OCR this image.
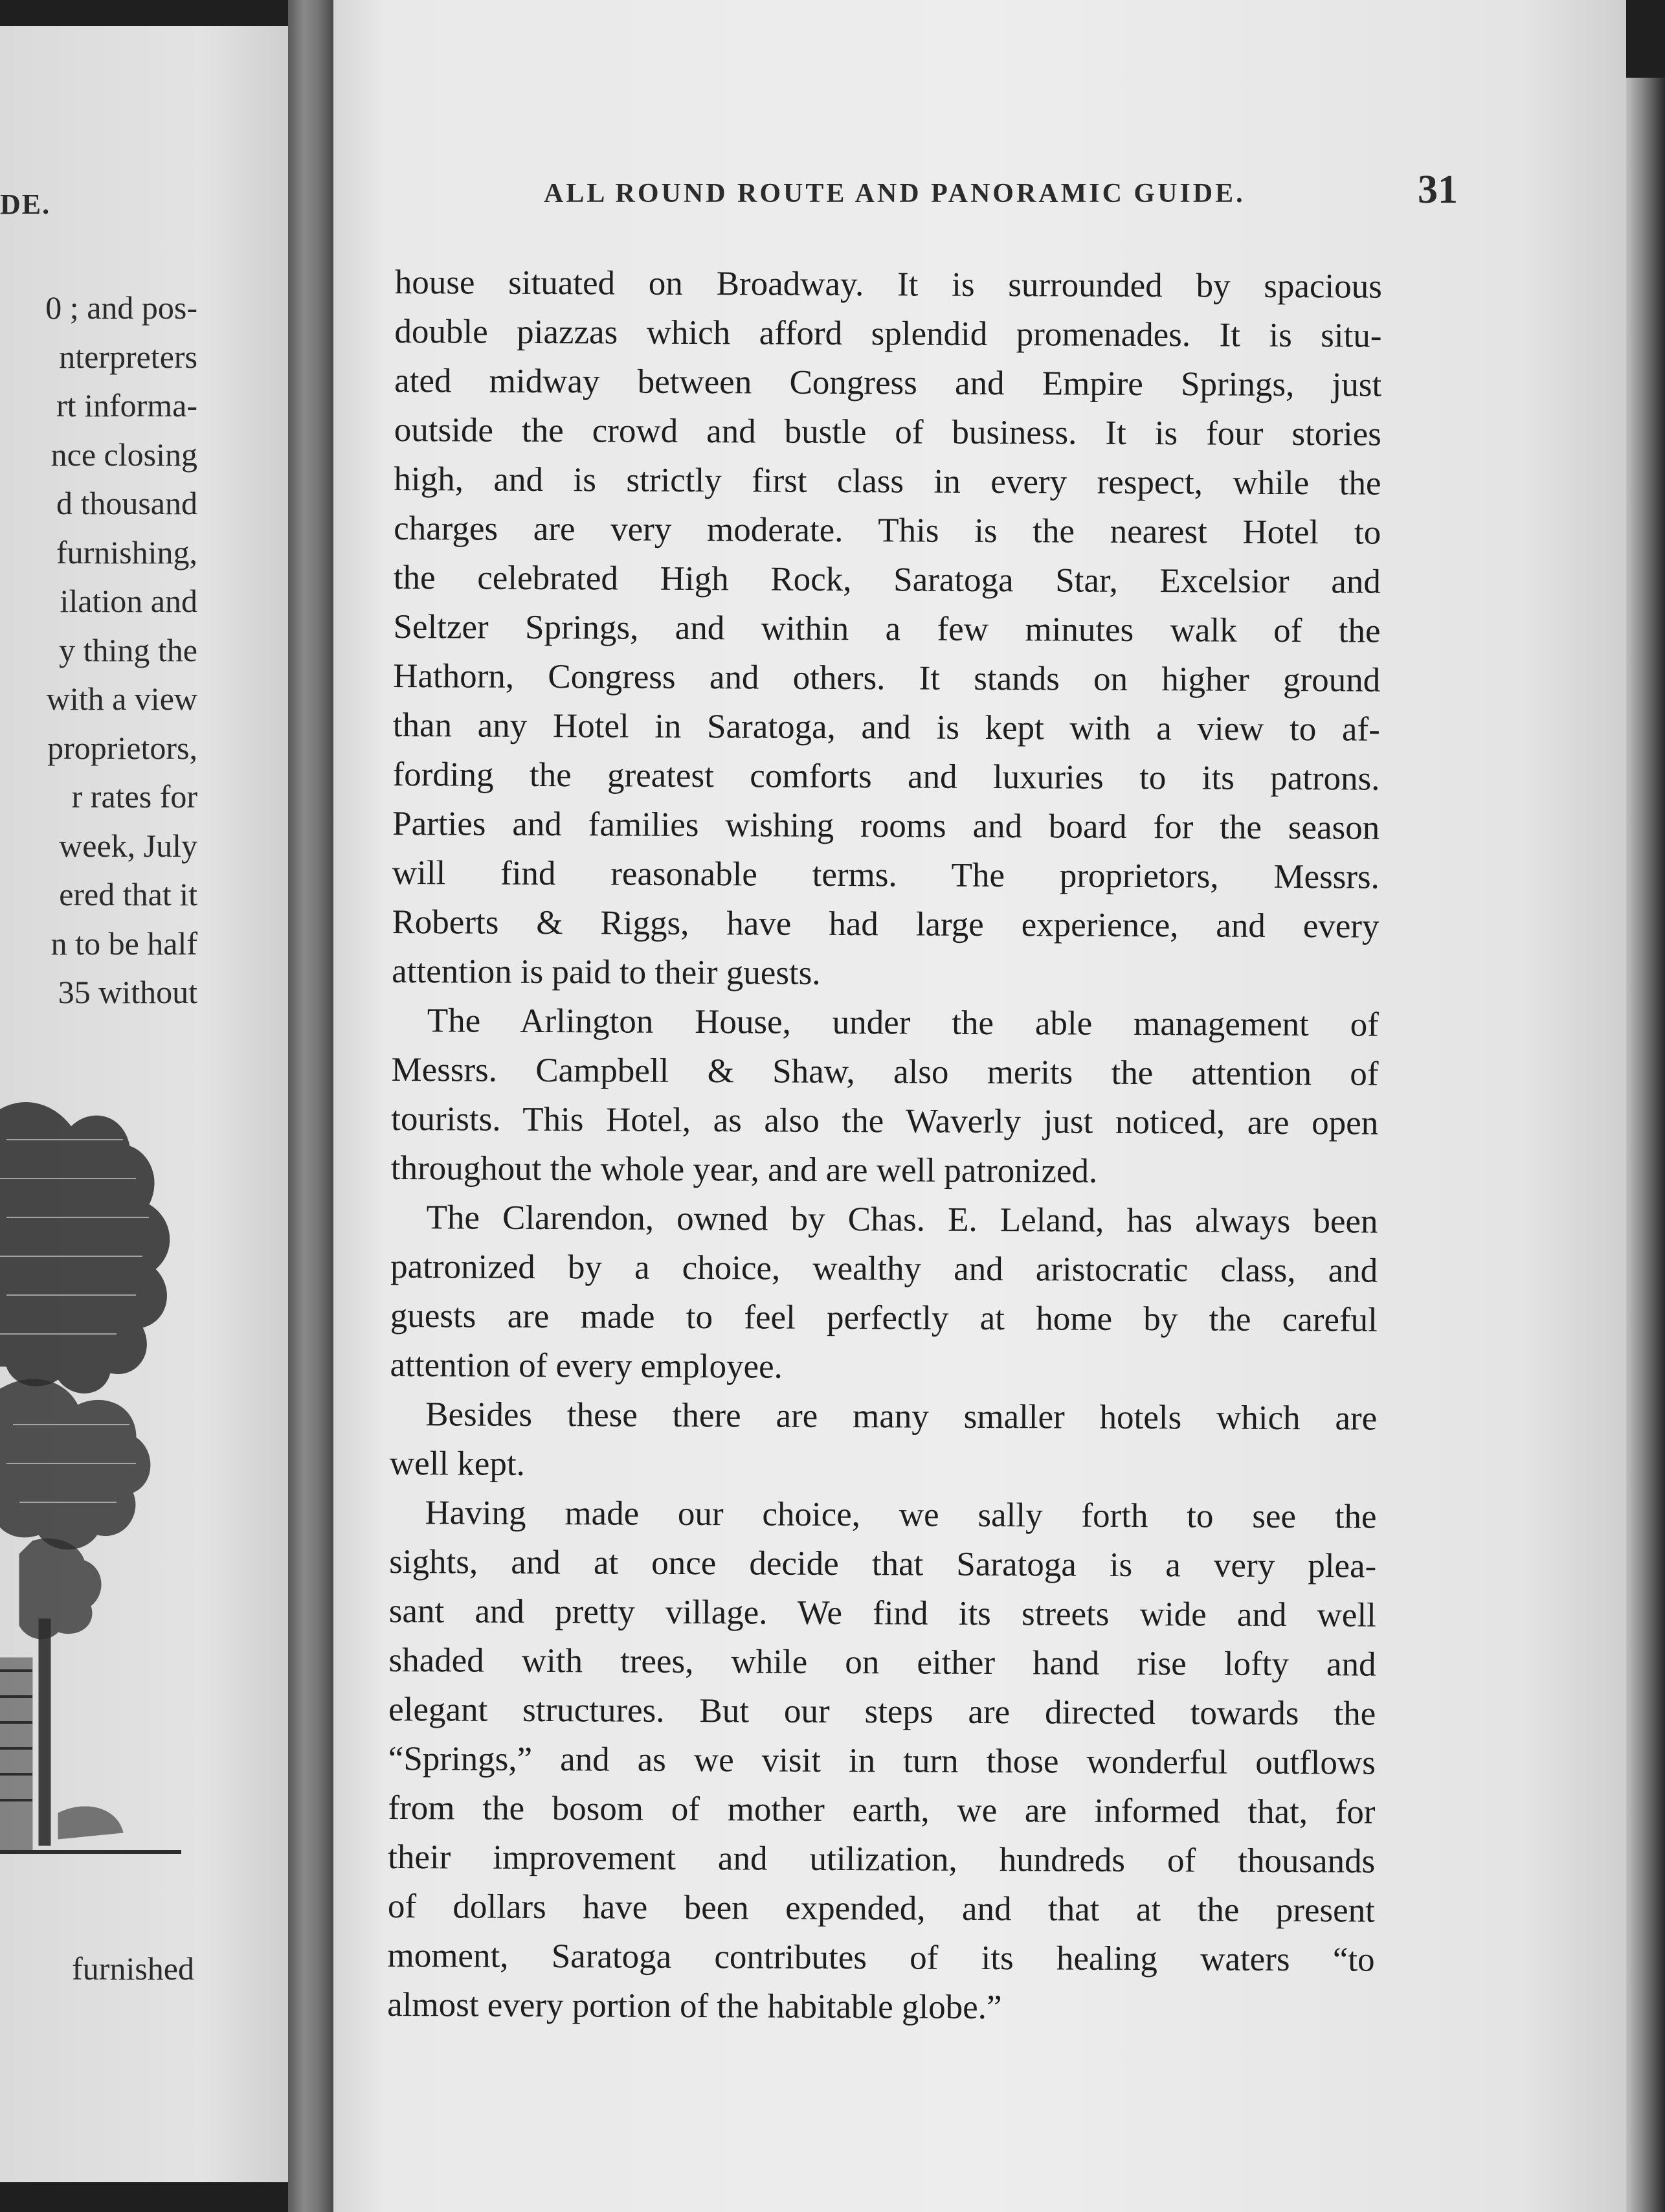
DE.
0 ; and pos-
nterpreters
rt informa-
nce closing
d thousand
furnishing,
ilation and
y thing the
with a view
proprietors,
r rates for
week, July
ered that it
n to be half
35 without
furnished
ALL ROUND ROUTE AND PANORAMIC GUIDE.	31
house situated on Broadway. It is surrounded by spacious
double piazzas which afford splendid promenades. It is situ-
ated midway between Congress and Empire Springs, just
outside the crowd and bustle of business. It is four stories
high, and is strictly first class in every respect, while the
charges are very moderate. This is the nearest Hotel to
the celebrated High Rock, Saratoga Star, Excelsior and
Seltzer Springs, and within a few minutes walk of the
Hathorn, Congress and others. It stands on higher ground
than any Hotel in Saratoga, and is kept with a view to af-
fording the greatest comforts and luxuries to its patrons.
Parties and families wishing rooms and board for the season
will find reasonable terms. The proprietors, Messrs.
Roberts & Riggs, have had large experience, and every
attention is paid to their guests.
The Arlington House, under the able management of
Messrs. Campbell & Shaw, also merits the attention of
tourists. This Hotel, as also the Waverly just noticed, are open
throughout the whole year, and are well patronized.
The Clarendon, owned by Chas. E. Leland, has always been
patronized by a choice, wealthy and aristocratic class, and
guests are made to feel perfectly at home by the careful
attention of every employee.
Besides these there are many smaller hotels which are
well kept.
Having made our choice, we sally forth to see the
sights, and at once decide that Saratoga is a very plea-
sant and pretty village. We find its streets wide and well
shaded with trees, while on either hand rise lofty and
elegant structures. But our steps are directed towards the
“Springs,” and as we visit in turn those wonderful outflows
from the bosom of mother earth, we are informed that, for
their improvement and utilization, hundreds of thousands
of dollars have been expended, and that at the present
moment, Saratoga contributes of its healing waters “to
almost every portion of the habitable globe.”
